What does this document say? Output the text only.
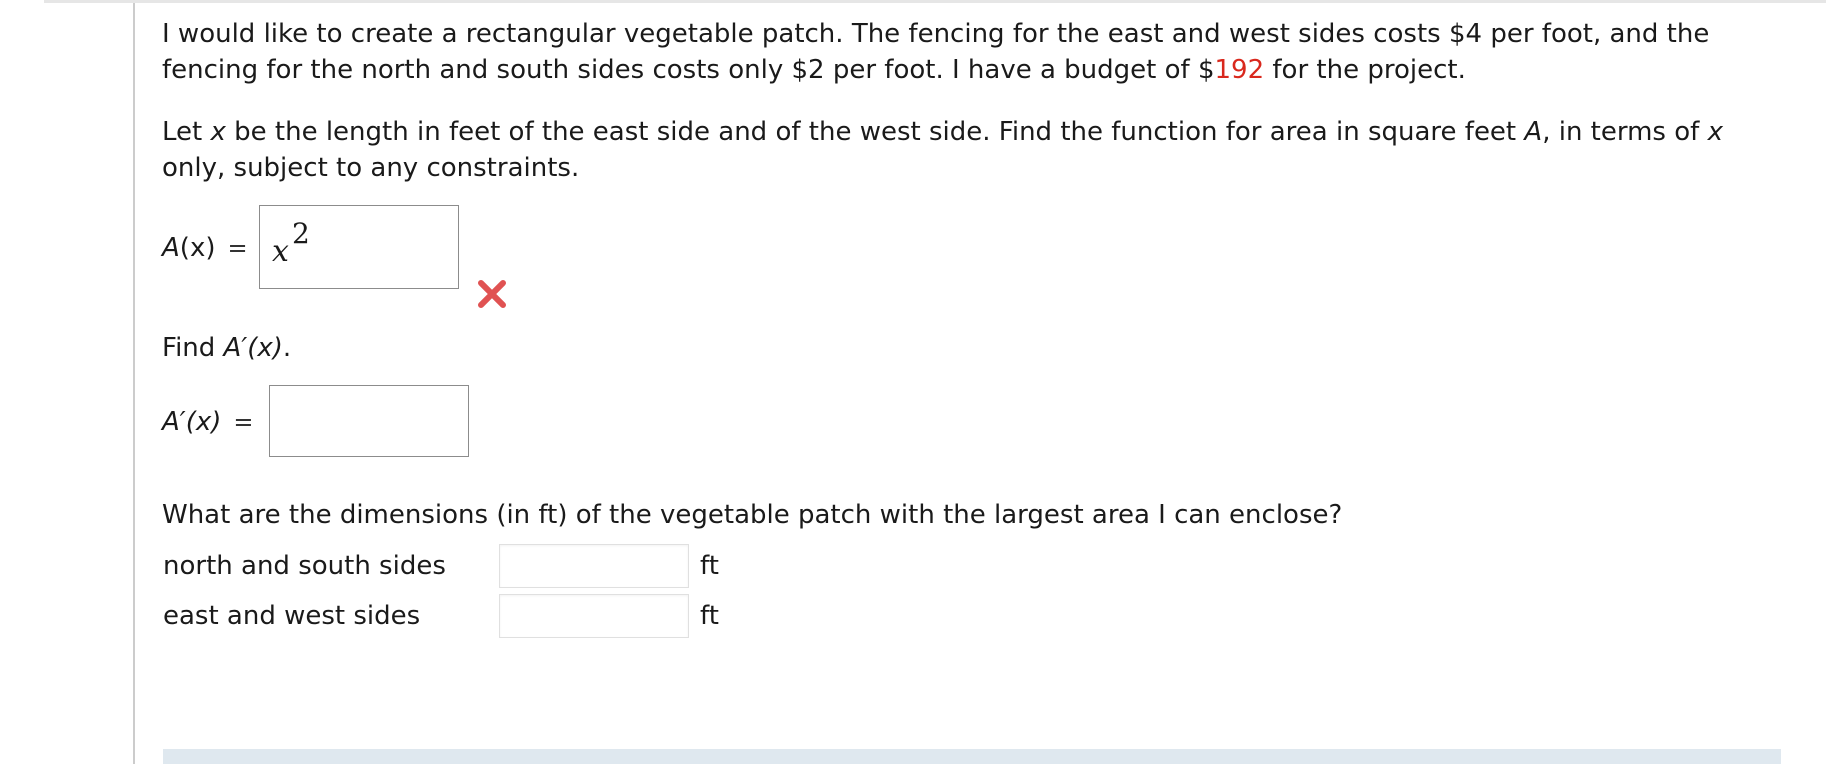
I would like to create a rectangular vegetable patch. The fencing for the east and west sides costs $4 per foot, and the fencing for the north and south sides costs only $2 per foot. I have a budget of $192 for the project.
Let x be the length in feet of the east side and of the west side. Find the function for area in square feet A, in terms of x only, subject to any constraints.
A(x) = x
2
Find A′(x).
A′(x) =
What are the dimensions (in ft) of the vegetable patch with the largest area I can enclose?
north and south sides	ft
east and west sides	ft
